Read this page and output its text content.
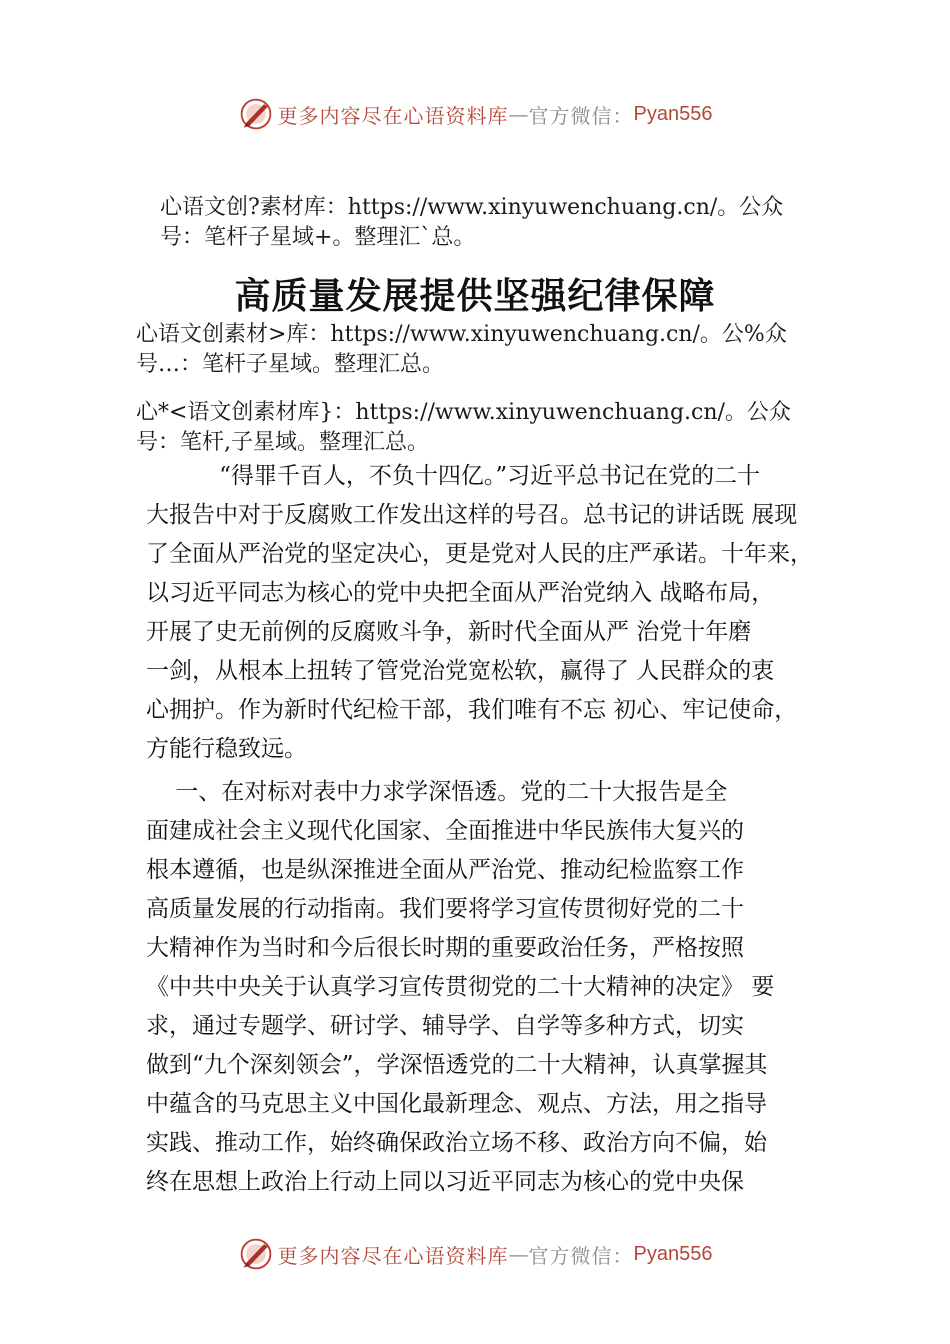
更多内容尽在心语资料库 — 官方微信： Pyan556
心语文创?素材库：https://www.xinyuwenchuang.cn/。公众
号：笔杆子星域+。整理汇`总。
高质量发展提供坚强纪律保障
心语文创素材>库：https://www.xinyuwenchuang.cn/。公%众
号…：笔杆子星域。整理汇总。
心*<语文创素材库}：https://www.xinyuwenchuang.cn/。公众
号：笔杆,子星域。整理汇总。
“得罪千百人，不负十四亿。”习近平总书记在党的二十
大报告中对于反腐败工作发出这样的号召。总书记的讲话既 展现
了全面从严治党的坚定决心，更是党对人民的庄严承诺。十年来，
以习近平同志为核心的党中央把全面从严治党纳入 战略布局，
开展了史无前例的反腐败斗争，新时代全面从严 治党十年磨
一剑，从根本上扭转了管党治党宽松软，赢得了 人民群众的衷
心拥护。作为新时代纪检干部，我们唯有不忘 初心、牢记使命，
方能行稳致远。
一、在对标对表中力求学深悟透。党的二十大报告是全
面建成社会主义现代化国家、全面推进中华民族伟大复兴的
根本遵循，也是纵深推进全面从严治党、推动纪检监察工作
高质量发展的行动指南。我们要将学习宣传贯彻好党的二十
大精神作为当时和今后很长时期的重要政治任务，严格按照
《中共中央关于认真学习宣传贯彻党的二十大精神的决定》 要
求，通过专题学、研讨学、辅导学、自学等多种方式，切实
做到“九个深刻领会”，学深悟透党的二十大精神，认真掌握其
中蕴含的马克思主义中国化最新理念、观点、方法，用之指导
实践、推动工作，始终确保政治立场不移、政治方向不偏，始
终在思想上政治上行动上同以习近平同志为核心的党中央保
更多内容尽在心语资料库 — 官方微信： Pyan556
